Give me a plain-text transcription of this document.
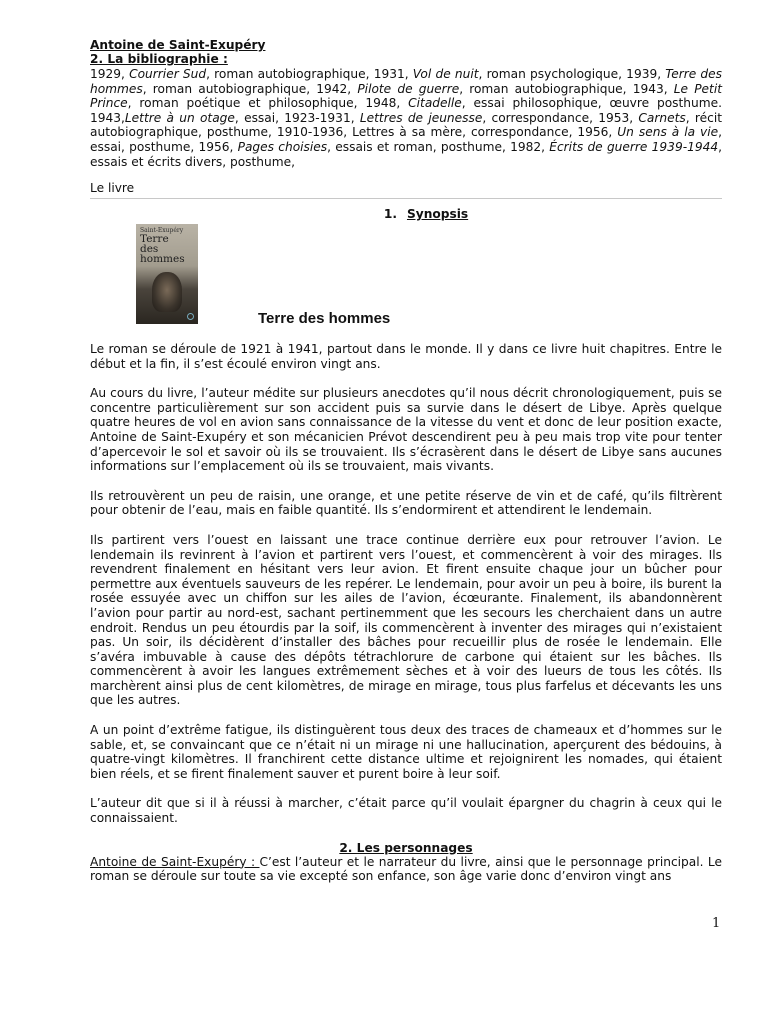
Antoine de Saint-Exupéry
2. La bibliographie :
1929, Courrier Sud, roman autobiographique, 1931, Vol de nuit, roman psychologique, 1939, Terre des hommes, roman autobiographique, 1942, Pilote de guerre, roman autobiographique, 1943, Le Petit Prince, roman poétique et philosophique, 1948, Citadelle, essai philosophique, œuvre posthume. 1943,Lettre à un otage, essai, 1923-1931, Lettres de jeunesse, correspondance, 1953, Carnets, récit autobiographique, posthume, 1910-1936, Lettres à sa mère, correspondance, 1956, Un sens à la vie, essai, posthume, 1956, Pages choisies, essais et roman, posthume, 1982, Écrits de guerre 1939-1944, essais et écrits divers, posthume,
Le livre
1. Synopsis
Saint-Exupéry
Terre
des hommes
Terre des hommes

Le roman se déroule de 1921 à 1941, partout dans le monde. Il y dans ce livre huit chapitres. Entre le début et la fin, il s’est écoulé environ vingt ans.

Au cours du livre, l’auteur médite sur plusieurs anecdotes qu’il nous décrit chronologiquement, puis se concentre particulièrement sur son accident puis sa survie dans le désert de Libye. Après quelque quatre heures de vol en avion sans connaissance de la vitesse du vent et donc de leur position exacte, Antoine de Saint-Exupéry et son mécanicien Prévot descendirent peu à peu mais trop vite pour tenter d’apercevoir le sol et savoir où ils se trouvaient. Ils s’écrasèrent dans le désert de Libye sans aucunes informations sur l’emplacement où ils se trouvaient, mais vivants.

Ils retrouvèrent un peu de raisin, une orange, et une petite réserve de vin et de café, qu’ils filtrèrent pour obtenir de l’eau, mais en faible quantité. Ils s’endormirent et attendirent le lendemain.

Ils partirent vers l’ouest en laissant une trace continue derrière eux pour retrouver l’avion. Le lendemain ils revinrent à l’avion et partirent vers l’ouest, et commencèrent à voir des mirages. Ils revendrent finalement en hésitant vers leur avion. Et firent ensuite chaque jour un bûcher pour permettre aux éventuels sauveurs de les repérer. Le lendemain, pour avoir un peu à boire, ils burent la rosée essuyée avec un chiffon sur les ailes de l’avion, écœurante. Finalement, ils abandonnèrent l’avion pour partir au nord-est, sachant pertinemment que les secours les cherchaient dans un autre endroit. Rendus un peu étourdis par la soif, ils commencèrent à inventer des mirages qui n’existaient pas. Un soir, ils décidèrent d’installer des bâches pour recueillir plus de rosée le lendemain. Elle s’avéra imbuvable à cause des dépôts tétrachlorure de carbone qui étaient sur les bâches. Ils commencèrent à avoir les langues extrêmement sèches et à voir des lueurs de tous les côtés. Ils marchèrent ainsi plus de cent kilomètres, de mirage en mirage, tous plus farfelus et décevants les uns que les autres.

A un point d’extrême fatigue, ils distinguèrent tous deux des traces de chameaux et d’hommes sur le sable, et, se convaincant que ce n’était ni un mirage ni une hallucination, aperçurent des bédouins, à quatre-vingt kilomètres. Il franchirent cette distance ultime et rejoignirent les nomades, qui étaient bien réels, et se firent finalement sauver et purent boire à leur soif.

L’auteur dit que si il à réussi à marcher, c’était parce qu’il voulait épargner du chagrin à ceux qui le connaissaient.

2. Les personnages
Antoine de Saint-Exupéry : C’est l’auteur et le narrateur du livre, ainsi que le personnage principal. Le roman se déroule sur toute sa vie excepté son enfance, son âge varie donc d’environ vingt ans
1
